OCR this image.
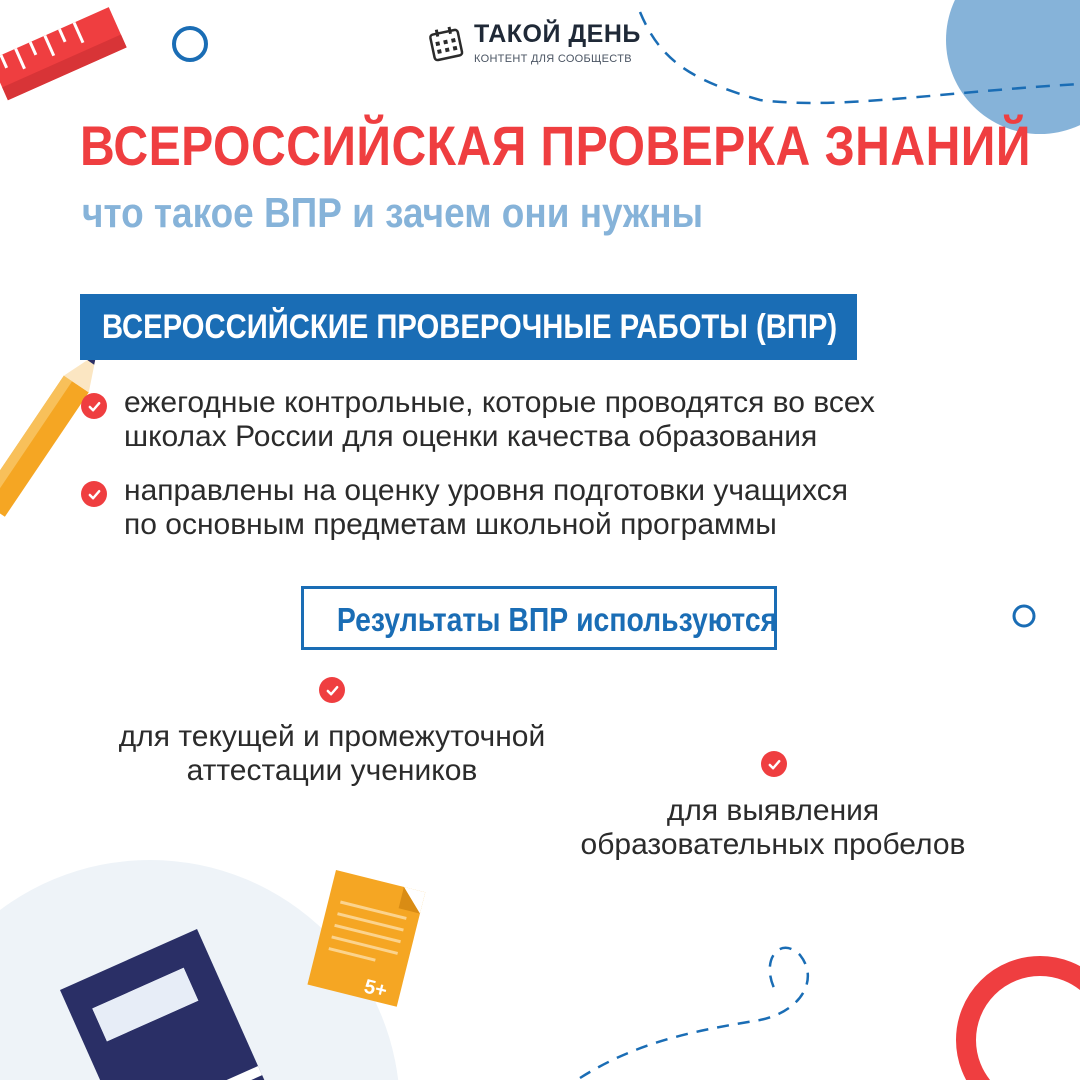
5+
ТАКОЙ ДЕНЬ
КОНТЕНТ ДЛЯ СООБЩЕСТВ
ВСЕРОССИЙСКАЯ ПРОВЕРКА ЗНАНИЙ
что такое ВПР и зачем они нужны
ВСЕРОССИЙСКИЕ ПРОВЕРОЧНЫЕ РАБОТЫ (ВПР)
ежегодные контрольные, которые проводятся во всех
школах России для оценки качества образования
направлены на оценку уровня подготовки учащихся
по основным предметам школьной программы
Результаты ВПР используются
для текущей и промежуточной
аттестации учеников
для выявления
образовательных пробелов
